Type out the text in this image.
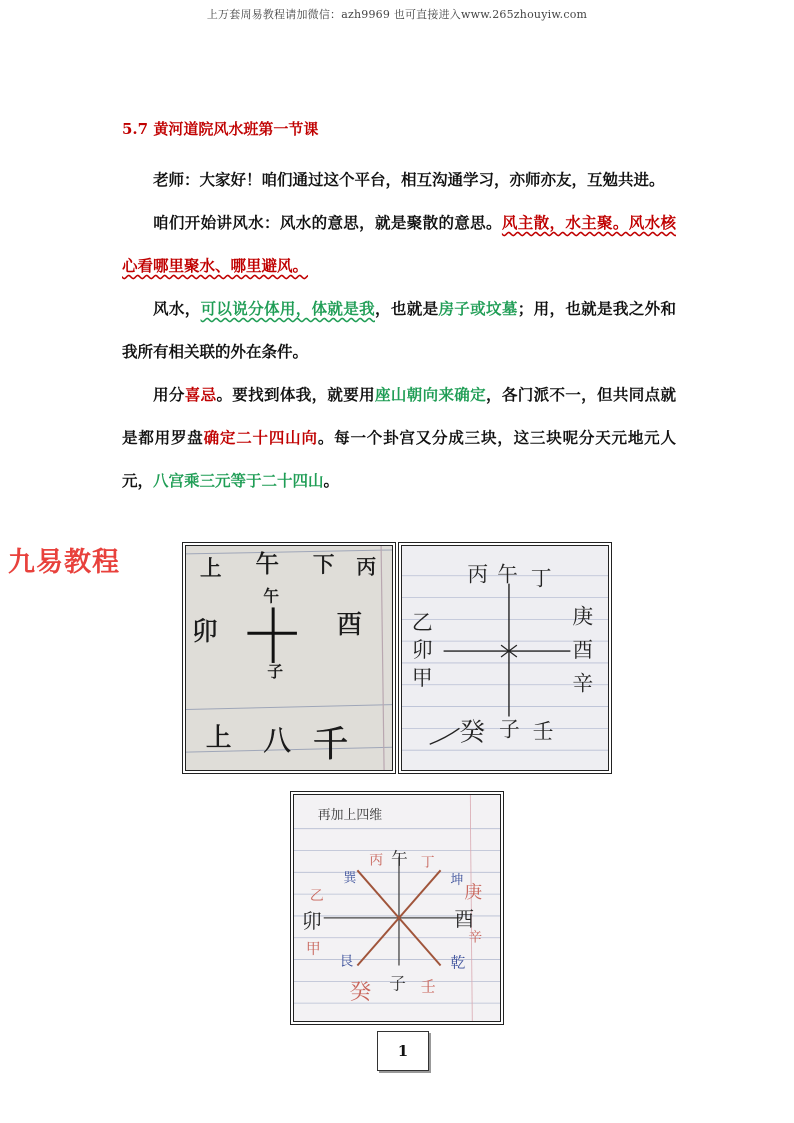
上万套周易教程请加微信：azh9969 也可直接进入www.265zhouyiw.com
九易教程
5.7 黄河道院风水班第一节课

老师：大家好！咱们通过这个平台，相互沟通学习，亦师亦友，互勉共进。

咱们开始讲风水：风水的意思，就是聚散的意思。风主散，水主聚。风水核心看哪里聚水、哪里避风。

风水，可以说分体用，体就是我，也就是房子或坟墓；用，也就是我之外和我所有相关联的外在条件。

用分喜忌。要找到体我，就要用座山朝向来确定，各门派不一，但共同点就是都用罗盘确定二十四山向。每一个卦宫又分成三块，这三块呢分天元地元人元，八宫乘三元等于二十四山。

上 午 下 丙
午
卯	酉
子
上 八 千
丙 午 丁
乙
卯
甲
庚
酉
辛
癸 子 壬
再加上四维
丙 午 丁
乙
卯
甲
庚
酉
辛
癸 子 壬
巽	坤
艮	乾
1
